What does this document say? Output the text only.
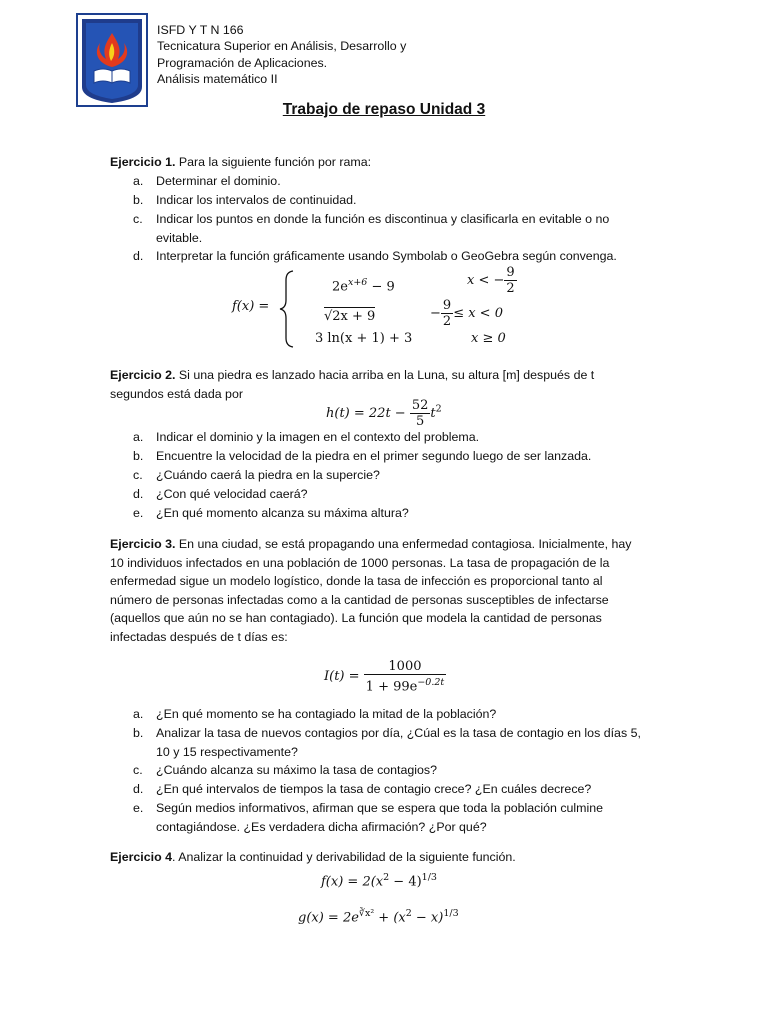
ISFD Y T N 166
Tecnicatura Superior en Análisis, Desarrollo y
Programación de Aplicaciones.
Análisis matemático II
Trabajo de repaso Unidad 3
Ejercicio 1. Para la siguiente función por rama:
a. Determinar el dominio.
b. Indicar los intervalos de continuidad.
c. Indicar los puntos en donde la función es discontinua y clasificarla en evitable o no evitable.
d. Interpretar la función gráficamente usando Symbolab o GeoGebra según convenga.
f(x) =
$2e^{x+6} - 9$	x < − $\frac{9}{2}$
√2x + 9	− $\frac{9}{2} \le x < 0$
3 ln(x + 1) + 3	x ≥ 0
Ejercicio 2. Si una piedra es lanzado hacia arriba en la Luna, su altura [m] después de t
segundos está dada por
$h(t) = 22t - \frac{52}{5} t^2$
a. Indicar el dominio y la imagen en el contexto del problema.
b. Encuentre la velocidad de la piedra en el primer segundo luego de ser lanzada.
c. ¿Cuándo caerá la piedra en la supercie?
d. ¿Con qué velocidad caerá?
e. ¿En qué momento alcanza su máxima altura?
Ejercicio 3. En una ciudad, se está propagando una enfermedad contagiosa. Inicialmente, hay
10 individuos infectados en una población de 1000 personas. La tasa de propagación de la
enfermedad sigue un modelo logístico, donde la tasa de infección es proporcional tanto al
número de personas infectadas como a la cantidad de personas susceptibles de infectarse
(aquellos que aún no se han contagiado). La función que modela la cantidad de personas
infectadas después de t días es:
$I(t) = \frac{1000}{1 + 99e^{-0.2t}}$
a. ¿En qué momento se ha contagiado la mitad de la población?
b. Analizar la tasa de nuevos contagios por día, ¿Cúal es la tasa de contagio en los días 5, 10 y 15 respectivamente?
c. ¿Cuándo alcanza su máximo la tasa de contagios?
d. ¿En qué intervalos de tiempos la tasa de contagio crece? ¿En cuáles decrece?
e. Según medios informativos, afirman que se espera que toda la población culmine contagiándose. ¿Es verdadera dicha afirmación? ¿Por qué?
Ejercicio 4. Analizar la continuidad y derivabilidad de la siguiente función.
$f(x) = 2(x^2 - 4)^{1/3}$
$g(x) = 2e^{∛x^2} + (x^2 - x)^{1/3}$
